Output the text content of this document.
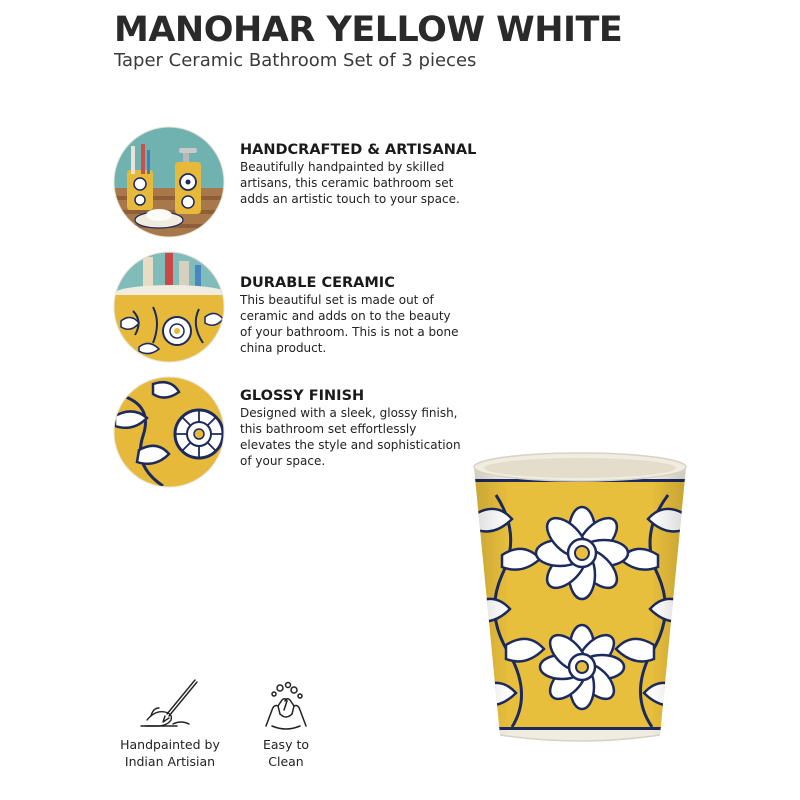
MANOHAR YELLOW WHITE
Taper Ceramic Bathroom Set of 3 pieces
HANDCRAFTED & ARTISANAL

Beautifully handpainted by skilled
artisans, this ceramic bathroom set
adds an artistic touch to your space.

DURABLE CERAMIC

This beautiful set is made out of
ceramic and adds on to the beauty
of your bathroom. This is not a bone
china product.

GLOSSY FINISH

Designed with a sleek, glossy finish,
this bathroom set effortlessly
elevates the style and sophistication
of your space.

Handpainted by
Indian Artisian
Easy to Clean
